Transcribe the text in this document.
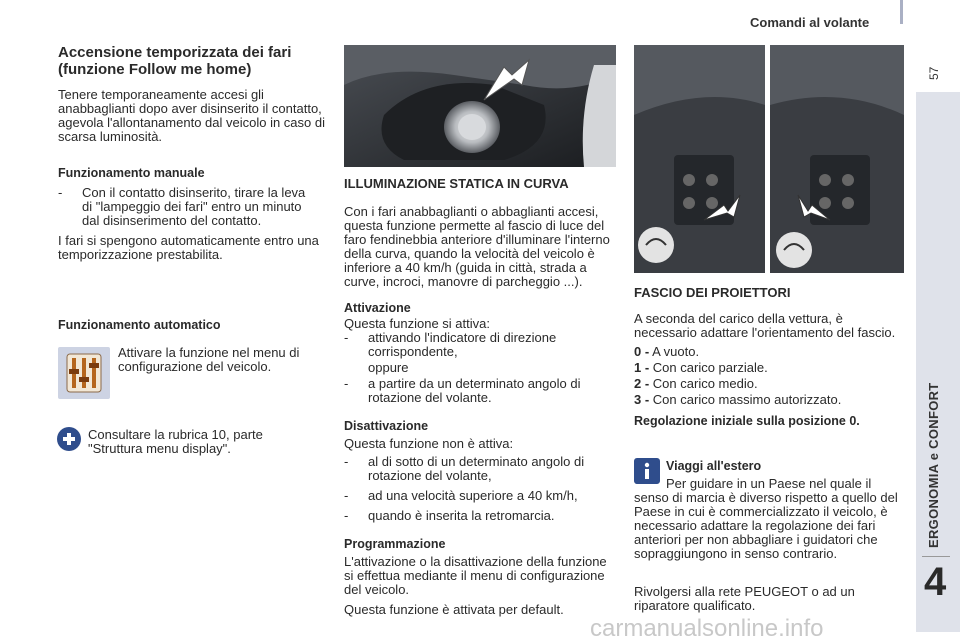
Comandi al volante
57
ERGONOMIA e CONFORT
4
Accensione temporizzata dei fari (funzione Follow me home)

Tenere temporaneamente accesi gli anabbaglianti dopo aver disinserito il contatto, agevola l'allontanamento dal veicolo in caso di scarsa luminosità.

Funzionamento manuale

- Con il contatto disinserito, tirare la leva di "lampeggio dei fari" entro un minuto dal disinserimento del contatto.

I fari si spengono automaticamente entro una temporizzazione prestabilita.

Funzionamento automatico

Attivare la funzione nel menu di configurazione del veicolo.

Consultare la rubrica 10, parte "Struttura menu display".

ILLUMINAZIONE STATICA IN CURVA

Con i fari anabbaglianti o abbaglianti accesi, questa funzione permette al fascio di luce del faro fendinebbia anteriore d'illuminare l'interno della curva, quando la velocità del veicolo è inferiore a 40 km/h (guida in città, strada a curve, incroci, manovre di parcheggio ...).

Attivazione

Questa funzione si attiva:

- attivando l'indicatore di direzione corrispondente,

oppure

- a partire da un determinato angolo di rotazione del volante.

Disattivazione

Questa funzione non è attiva:

- al di sotto di un determinato angolo di rotazione del volante,
- ad una velocità superiore a 40 km/h,
- quando è inserita la retromarcia.

Programmazione

L'attivazione o la disattivazione della funzione si effettua mediante il menu di configurazione del veicolo.

Questa funzione è attivata per default.

FASCIO DEI PROIETTORI

A seconda del carico della vettura, è necessario adattare l'orientamento del fascio.

0 - A vuoto.
1 - Con carico parziale.
2 - Con carico medio.
3 - Con carico massimo autorizzato.

Regolazione iniziale sulla posizione 0.

Viaggi all'estero

Per guidare in un Paese nel quale il senso di marcia è diverso rispetto a quello del Paese in cui è commercializzato il veicolo, è necessario adattare la regolazione dei fari anteriori per non abbagliare i guidatori che sopraggiungono in senso contrario.

Rivolgersi alla rete PEUGEOT o ad un riparatore qualificato.

carmanualsonline.info
